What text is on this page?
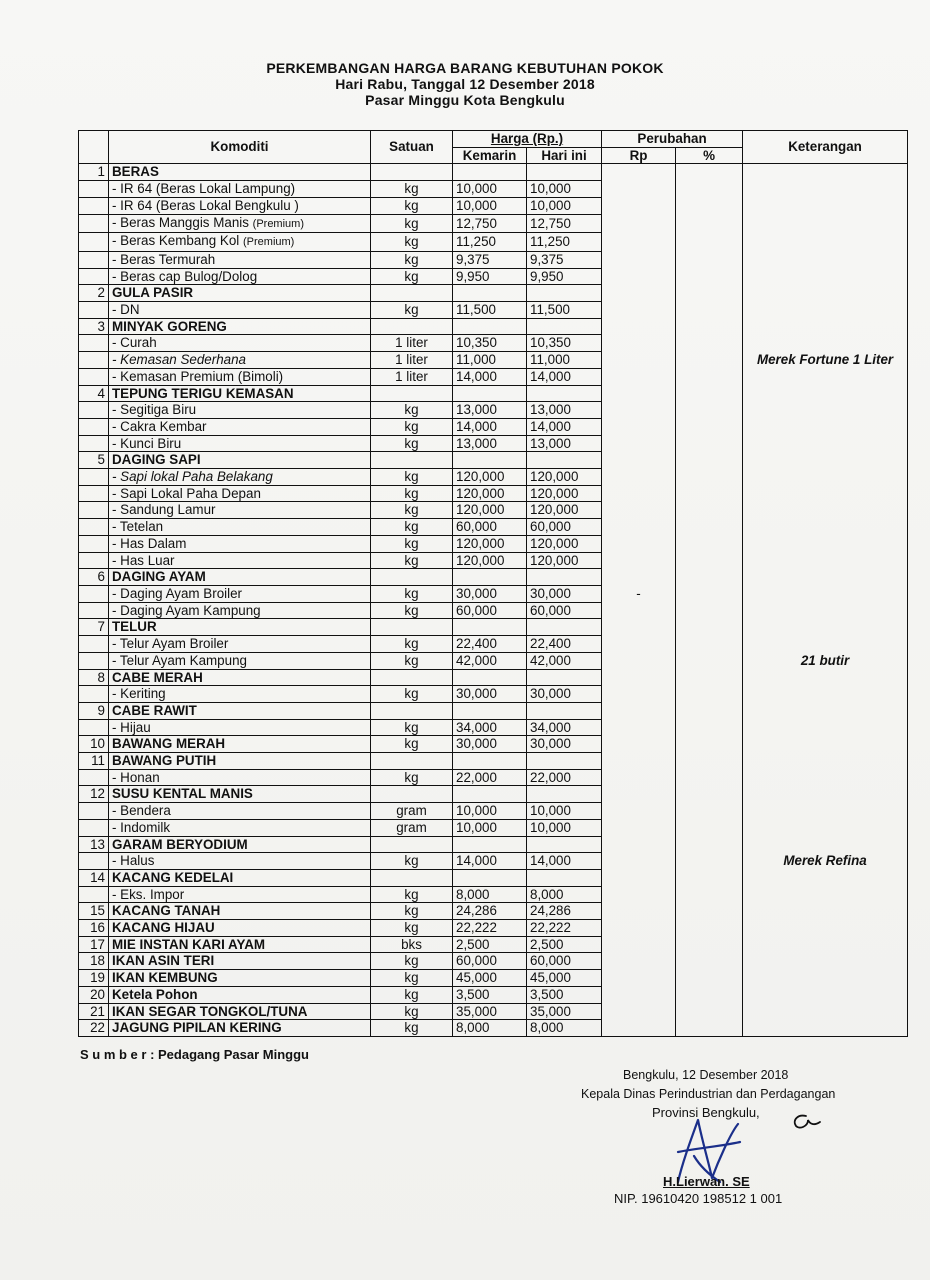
PERKEMBANGAN HARGA BARANG KEBUTUHAN POKOK
Hari Rabu, Tanggal 12 Desember 2018
Pasar Minggu Kota Bengkulu
	Komoditi	Satuan	Harga (Rp.)		Perubahan		Keterangan
			Kemarin	Hari ini	Rp	%	
1	BERAS						
	- IR 64 (Beras Lokal Lampung)	kg	10,000	10,000			
	- IR 64 (Beras Lokal Bengkulu )	kg	10,000	10,000			
	- Beras Manggis Manis (Premium)	kg	12,750	12,750			
	- Beras Kembang Kol (Premium)	kg	11,250	11,250			
	- Beras Termurah	kg	9,375	9,375			
	- Beras cap Bulog/Dolog	kg	9,950	9,950			
2	GULA PASIR						
	- DN	kg	11,500	11,500			
3	MINYAK GORENG						
	- Curah	1 liter	10,350	10,350			
	- Kemasan Sederhana	1 liter	11,000	11,000			Merek Fortune 1 Liter
	- Kemasan Premium (Bimoli)	1 liter	14,000	14,000			
4	TEPUNG TERIGU KEMASAN						
	- Segitiga Biru	kg	13,000	13,000			
	- Cakra Kembar	kg	14,000	14,000			
	- Kunci Biru	kg	13,000	13,000			
5	DAGING SAPI						
	- Sapi lokal Paha Belakang	kg	120,000	120,000			
	- Sapi Lokal Paha Depan	kg	120,000	120,000			
	- Sandung Lamur	kg	120,000	120,000			
	- Tetelan	kg	60,000	60,000			
	- Has Dalam	kg	120,000	120,000			
	- Has Luar	kg	120,000	120,000			
6	DAGING AYAM						
	- Daging Ayam Broiler	kg	30,000	30,000	-		
	- Daging Ayam Kampung	kg	60,000	60,000			
7	TELUR						
	- Telur Ayam Broiler	kg	22,400	22,400			
	- Telur Ayam Kampung	kg	42,000	42,000			21 butir
8	CABE MERAH						
	- Keriting	kg	30,000	30,000			
9	CABE RAWIT						
	- Hijau	kg	34,000	34,000			
10	BAWANG MERAH	kg	30,000	30,000			
11	BAWANG PUTIH						
	- Honan	kg	22,000	22,000			
12	SUSU KENTAL MANIS						
	- Bendera	gram	10,000	10,000			
	- Indomilk	gram	10,000	10,000			
13	GARAM BERYODIUM						
	- Halus	kg	14,000	14,000			Merek Refina
14	KACANG KEDELAI						
	- Eks. Impor	kg	8,000	8,000			
15	KACANG TANAH	kg	24,286	24,286			
16	KACANG HIJAU	kg	22,222	22,222			
17	MIE INSTAN KARI AYAM	bks	2,500	2,500			
18	IKAN ASIN TERI	kg	60,000	60,000			
19	IKAN KEMBUNG	kg	45,000	45,000			
20	Ketela Pohon	kg	3,500	3,500			
21	IKAN SEGAR TONGKOL/TUNA	kg	35,000	35,000			
22	JAGUNG PIPILAN KERING	kg	8,000	8,000			
S u m b e r : Pedagang Pasar Minggu
Bengkulu, 12 Desember 2018
Kepala Dinas Perindustrian dan Perdagangan
Provinsi Bengkulu,
H.Lierwan. SE
NIP. 19610420 198512 1 001
